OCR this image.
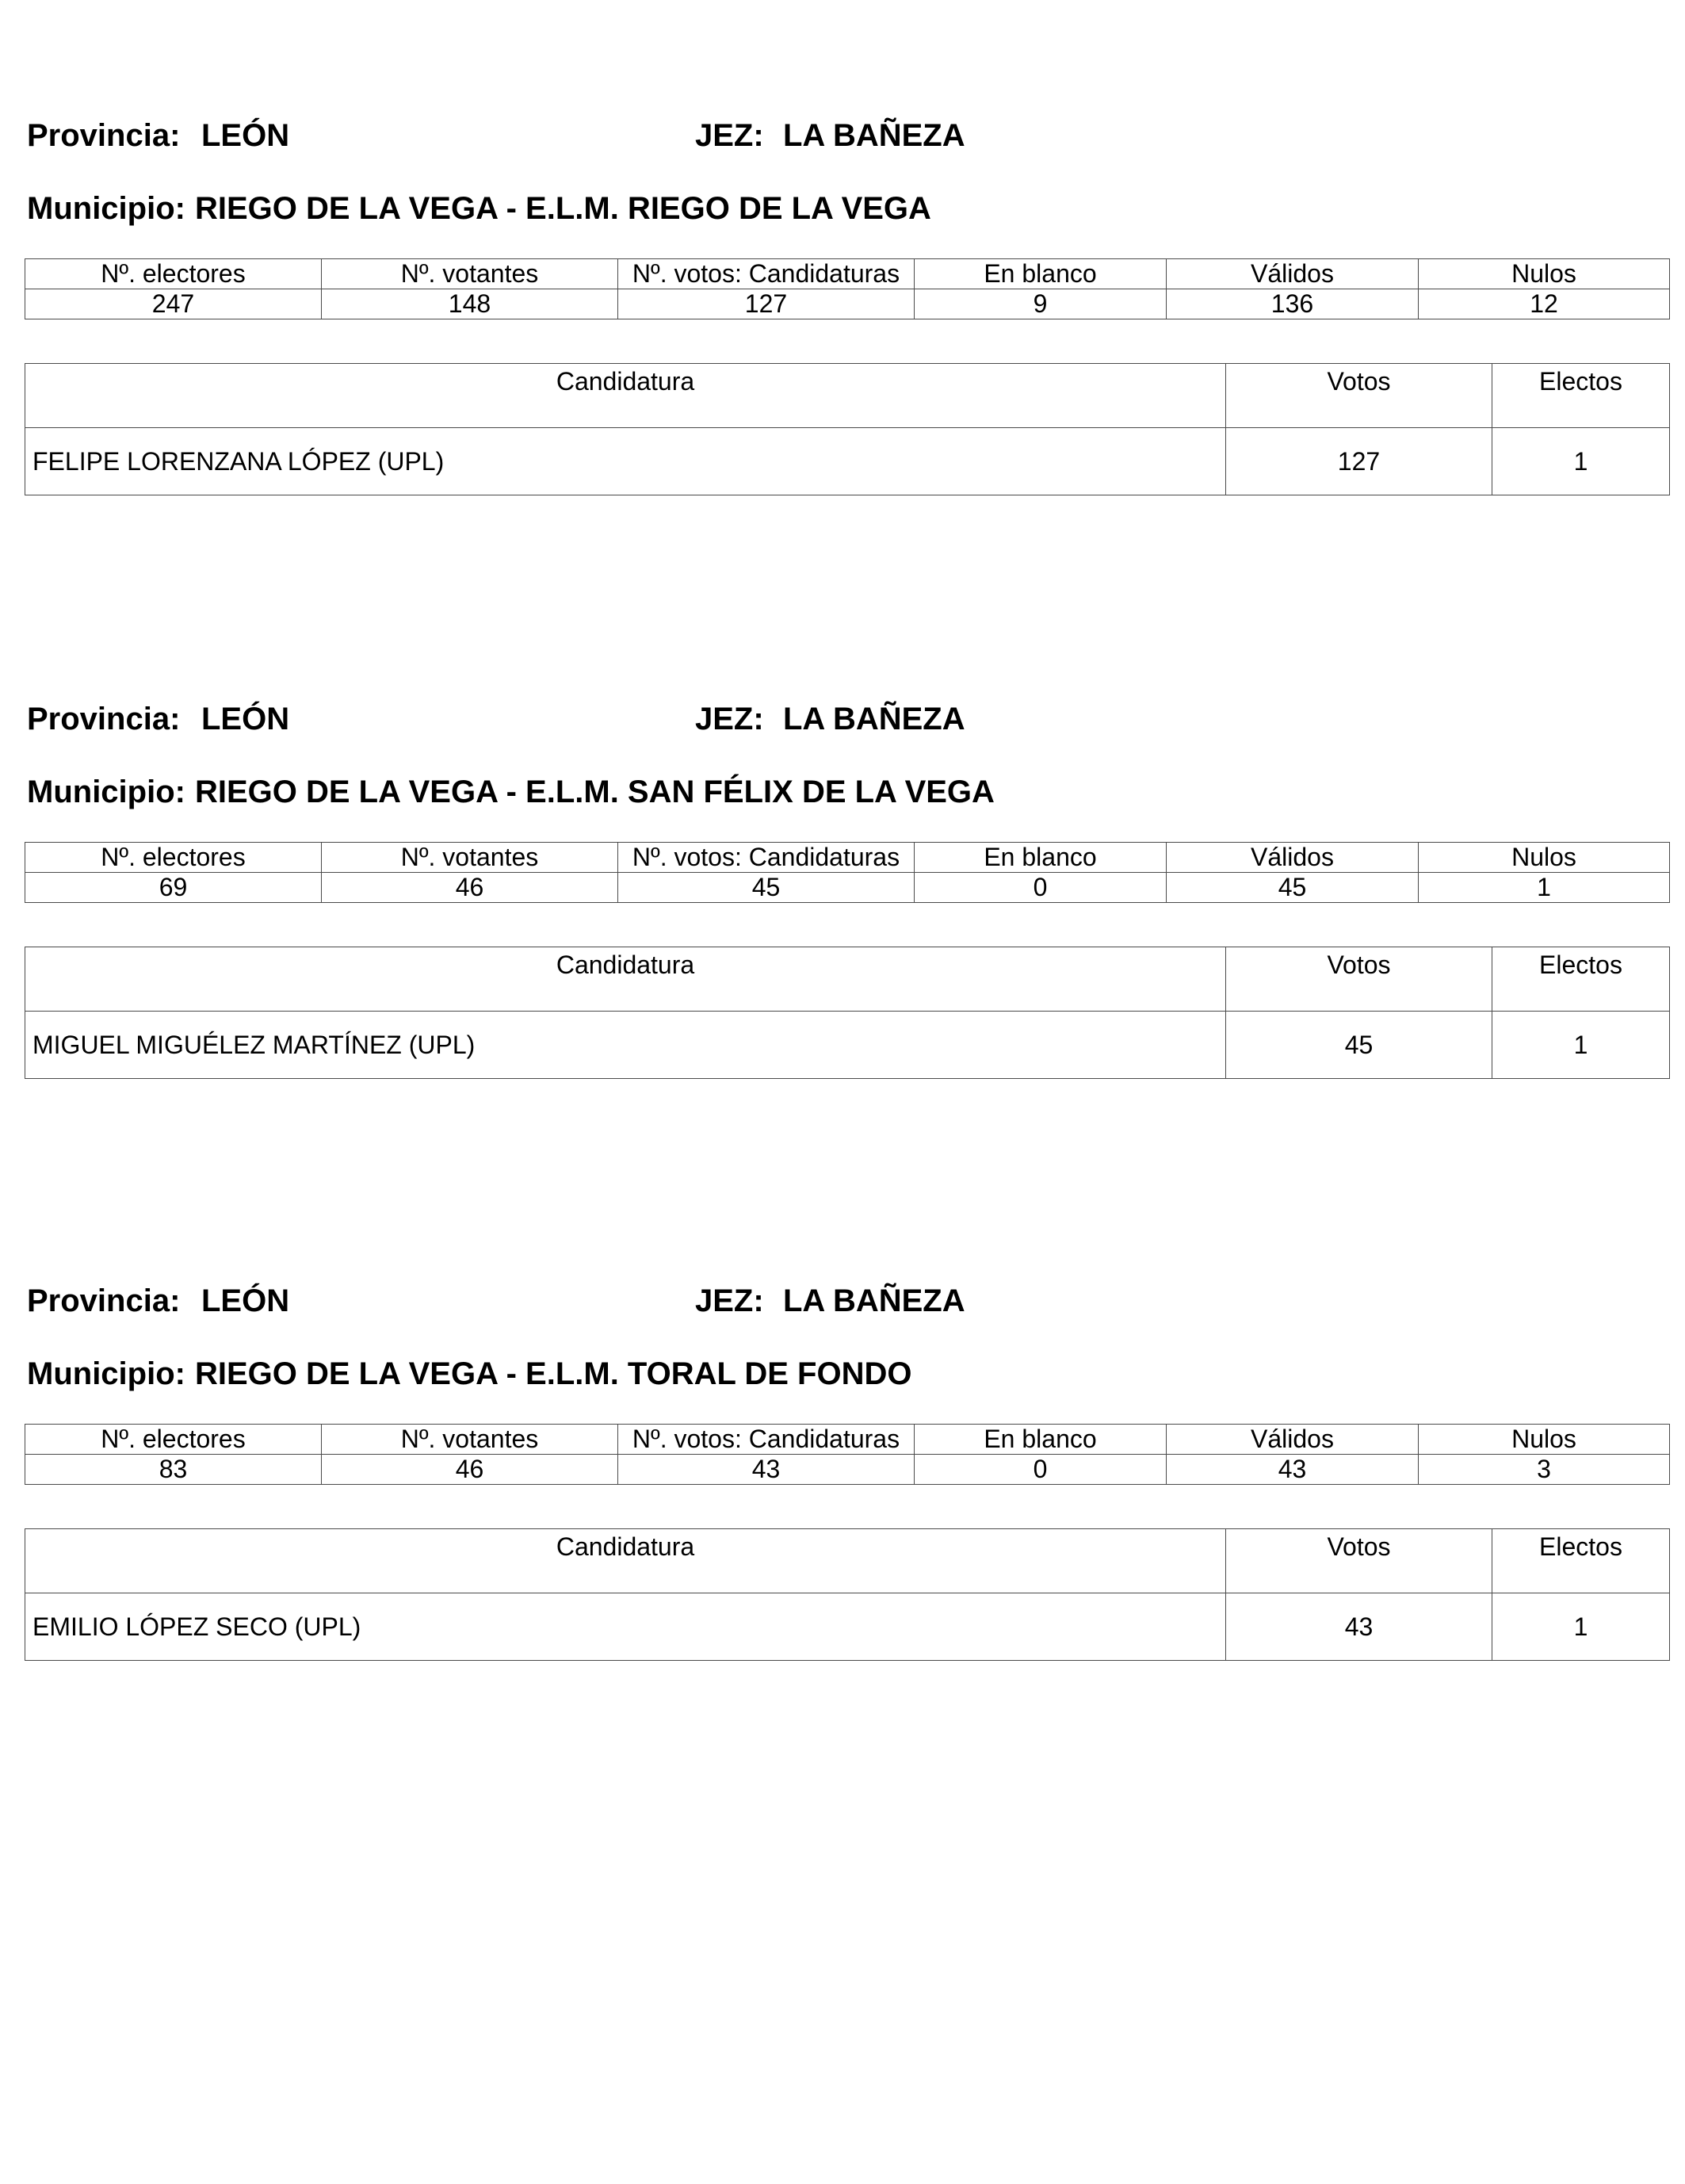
Provincia: LEÓN	JEZ: LA BAÑEZA
Municipio: RIEGO DE LA VEGA - E.L.M. RIEGO DE LA VEGA
Nº. electores	Nº. votantes	Nº. votos: Candidaturas	En blanco	Válidos	Nulos
247	148	127	9	136	12
Candidatura	Votos	Electos
FELIPE LORENZANA LÓPEZ (UPL)	127	1
Provincia: LEÓN	JEZ: LA BAÑEZA
Municipio: RIEGO DE LA VEGA - E.L.M. SAN FÉLIX DE LA VEGA
Nº. electores	Nº. votantes	Nº. votos: Candidaturas	En blanco	Válidos	Nulos
69	46	45	0	45	1
Candidatura	Votos	Electos
MIGUEL MIGUÉLEZ MARTÍNEZ (UPL)	45	1
Provincia: LEÓN	JEZ: LA BAÑEZA
Municipio: RIEGO DE LA VEGA - E.L.M. TORAL DE FONDO
Nº. electores	Nº. votantes	Nº. votos: Candidaturas	En blanco	Válidos	Nulos
83	46	43	0	43	3
Candidatura	Votos	Electos
EMILIO LÓPEZ SECO (UPL)	43	1
